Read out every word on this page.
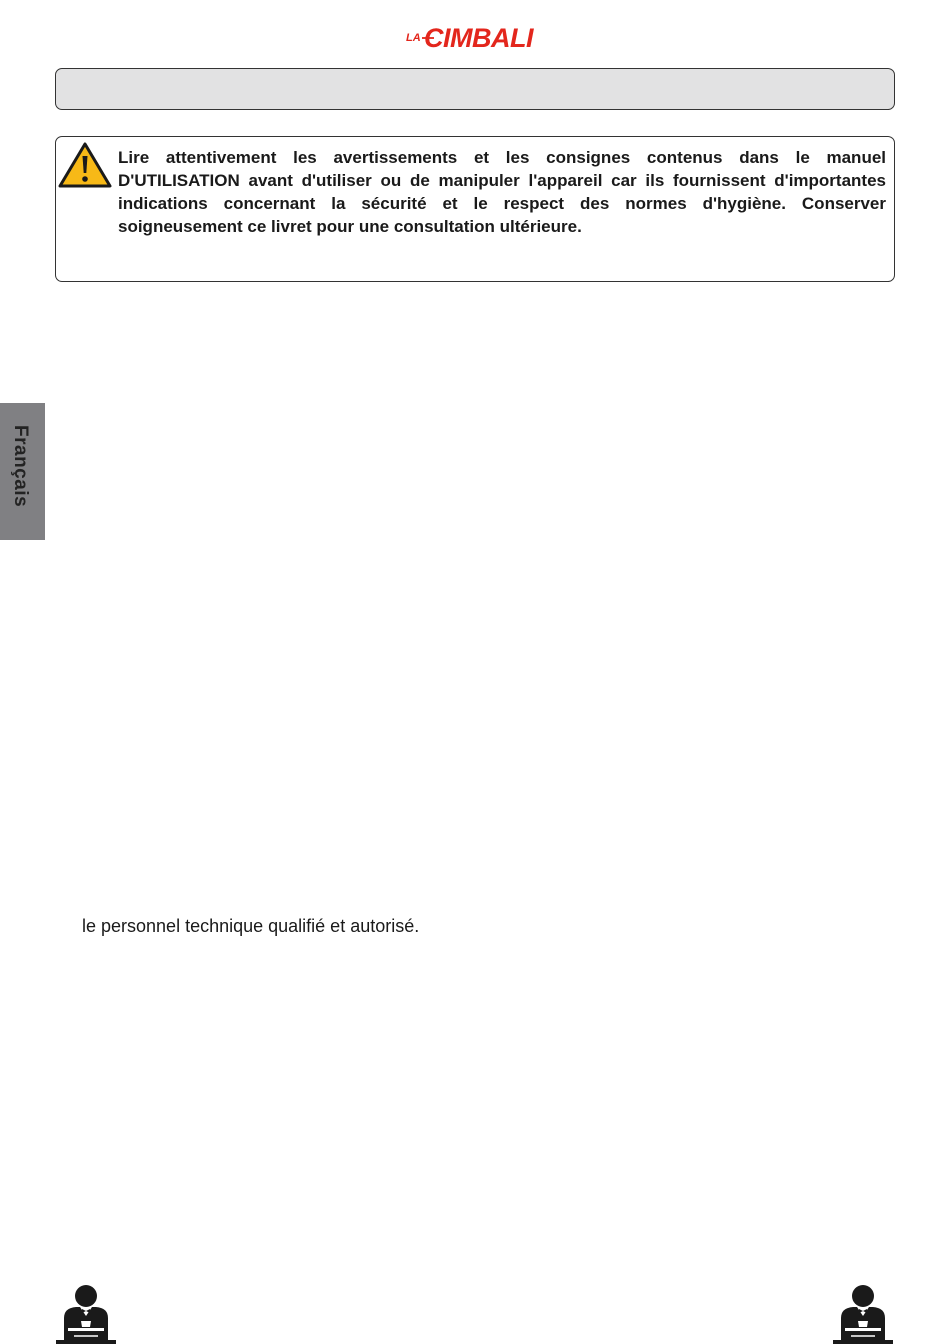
LA CIMBALI

Lire attentivement les avertissements et les consignes contenus dans le manuel D'UTILISATION avant d'utiliser ou de manipuler l'appareil car ils fournissent d'importantes indications concernant la sécurité et le respect des normes d'hygiène. Conserver soigneusement ce livret pour une consultation ultérieure.

Français

le personnel technique qualifié et autorisé.
